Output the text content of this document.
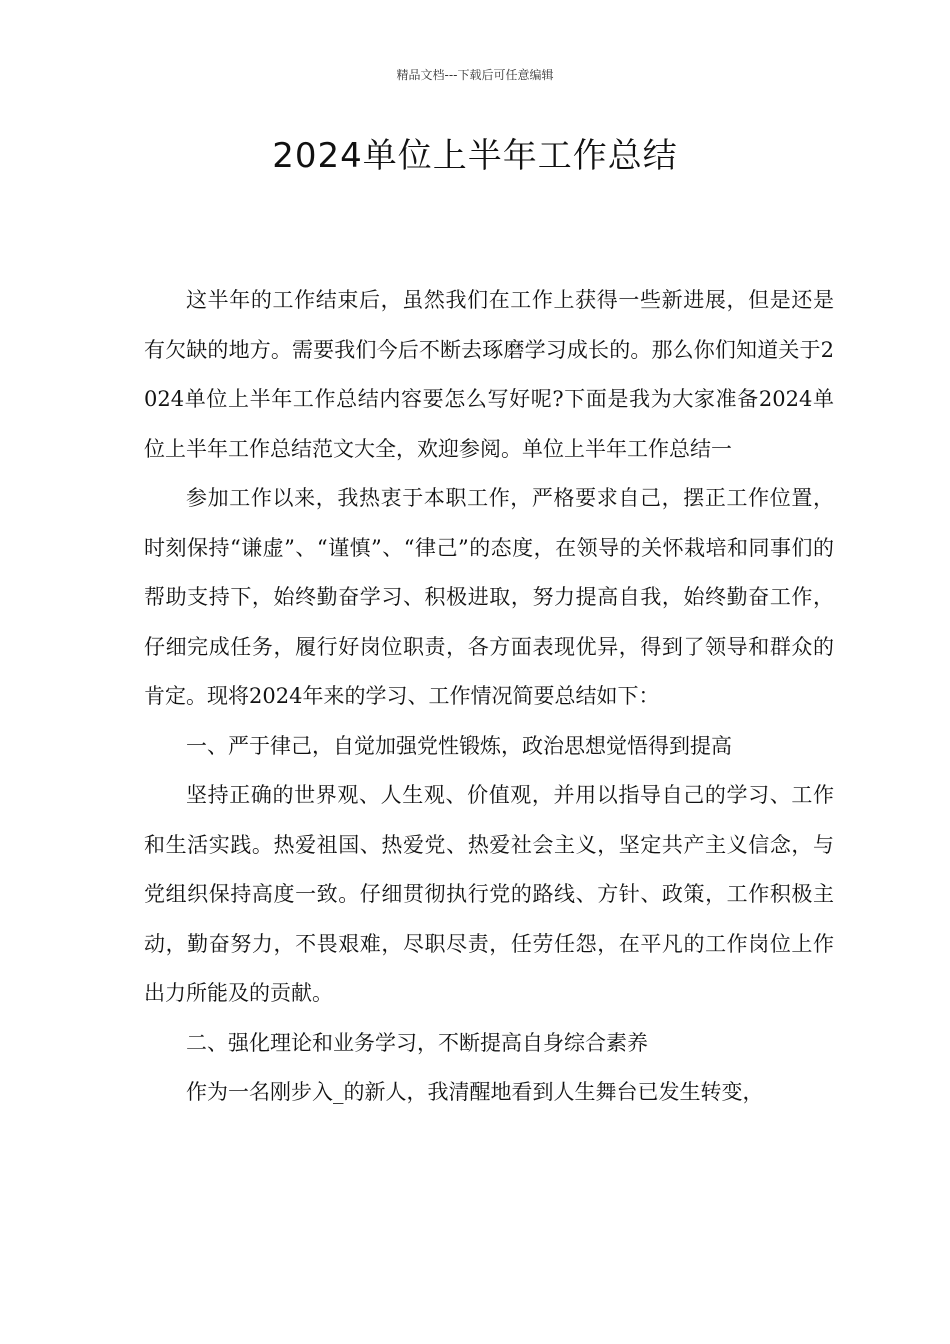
精品文档---下载后可任意编辑
2024单位上半年工作总结

这半年的工作结束后，虽然我们在工作上获得一些新进展，但是还是有欠缺的地方。需要我们今后不断去琢磨学习成长的。那么你们知道关于2024单位上半年工作总结内容要怎么写好呢?下面是我为大家准备2024单位上半年工作总结范文大全，欢迎参阅。单位上半年工作总结一

参加工作以来，我热衷于本职工作，严格要求自己，摆正工作位置，时刻保持“谦虚”、“谨慎”、“律己”的态度，在领导的关怀栽培和同事们的帮助支持下，始终勤奋学习、积极进取，努力提高自我，始终勤奋工作，仔细完成任务，履行好岗位职责，各方面表现优异，得到了领导和群众的肯定。现将2024年来的学习、工作情况简要总结如下：

一、严于律己，自觉加强党性锻炼，政治思想觉悟得到提高

坚持正确的世界观、人生观、价值观，并用以指导自己的学习、工作和生活实践。热爱祖国、热爱党、热爱社会主义，坚定共产主义信念，与党组织保持高度一致。仔细贯彻执行党的路线、方针、政策，工作积极主动，勤奋努力，不畏艰难，尽职尽责，任劳任怨，在平凡的工作岗位上作出力所能及的贡献。

二、强化理论和业务学习，不断提高自身综合素养

作为一名刚步入_的新人，我清醒地看到人生舞台已发生转变，
